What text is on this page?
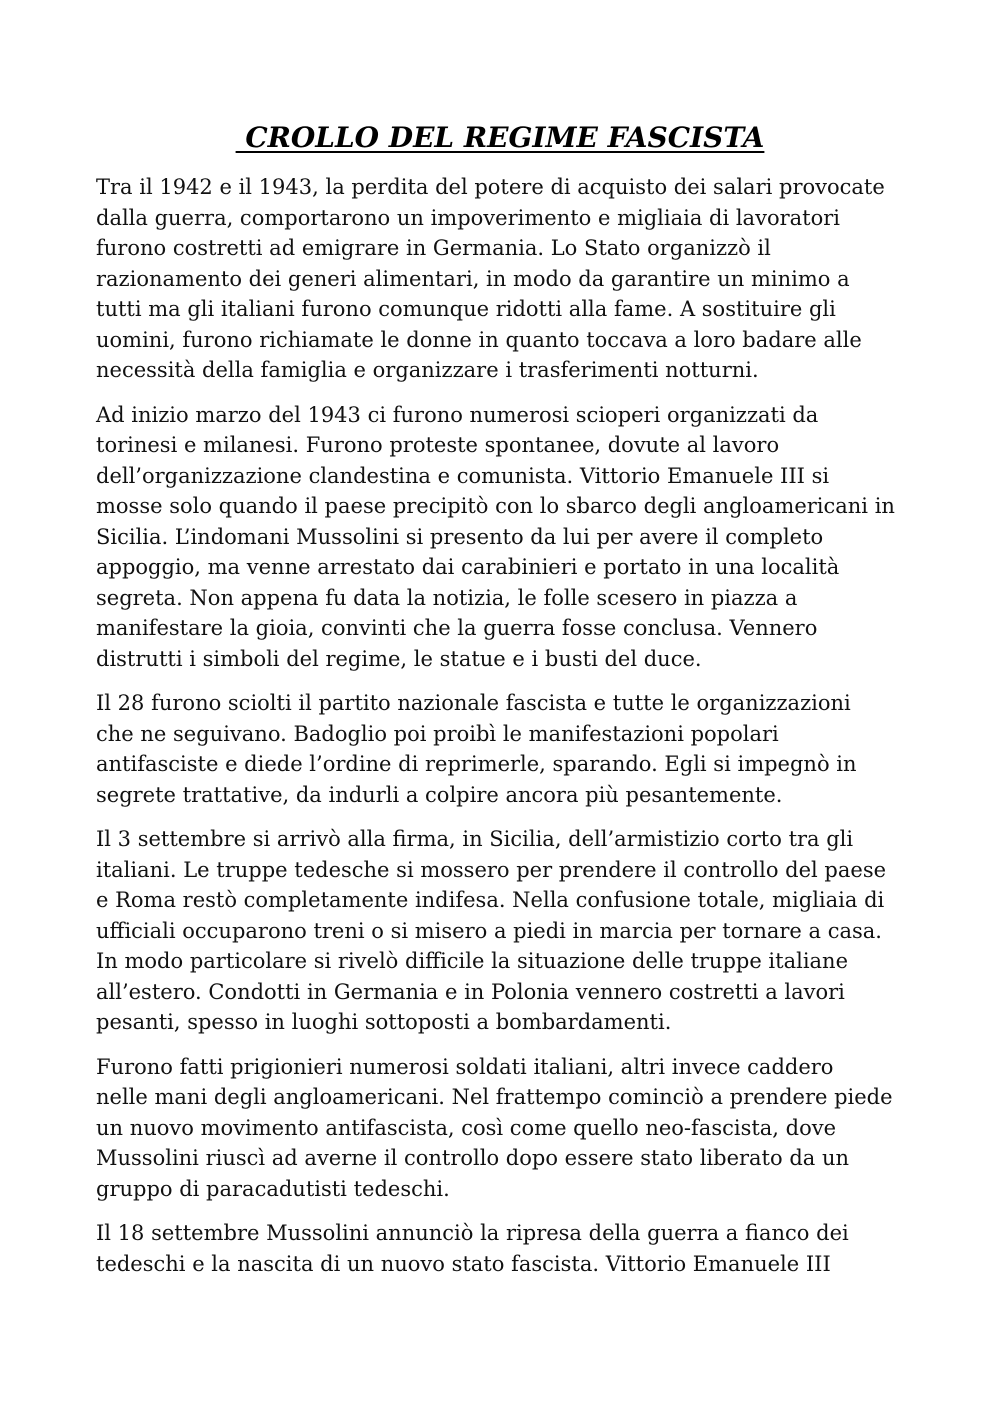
CROLLO DEL REGIME FASCISTA

Tra il 1942 e il 1943, la perdita del potere di acquisto dei salari provocate
dalla guerra, comportarono un impoverimento e migliaia di lavoratori
furono costretti ad emigrare in Germania. Lo Stato organizzò il
razionamento dei generi alimentari, in modo da garantire un minimo a
tutti ma gli italiani furono comunque ridotti alla fame. A sostituire gli
uomini, furono richiamate le donne in quanto toccava a loro badare alle
necessità della famiglia e organizzare i trasferimenti notturni.

Ad inizio marzo del 1943 ci furono numerosi scioperi organizzati da
torinesi e milanesi. Furono proteste spontanee, dovute al lavoro
dell’organizzazione clandestina e comunista. Vittorio Emanuele III si
mosse solo quando il paese precipitò con lo sbarco degli angloamericani in
Sicilia. L’indomani Mussolini si presento da lui per avere il completo
appoggio, ma venne arrestato dai carabinieri e portato in una località
segreta. Non appena fu data la notizia, le folle scesero in piazza a
manifestare la gioia, convinti che la guerra fosse conclusa. Vennero
distrutti i simboli del regime, le statue e i busti del duce.

Il 28 furono sciolti il partito nazionale fascista e tutte le organizzazioni
che ne seguivano. Badoglio poi proibì le manifestazioni popolari
antifasciste e diede l’ordine di reprimerle, sparando. Egli si impegnò in
segrete trattative, da indurli a colpire ancora più pesantemente.

Il 3 settembre si arrivò alla firma, in Sicilia, dell’armistizio corto tra gli
italiani. Le truppe tedesche si mossero per prendere il controllo del paese
e Roma restò completamente indifesa. Nella confusione totale, migliaia di
ufficiali occuparono treni o si misero a piedi in marcia per tornare a casa.
In modo particolare si rivelò difficile la situazione delle truppe italiane
all’estero. Condotti in Germania e in Polonia vennero costretti a lavori
pesanti, spesso in luoghi sottoposti a bombardamenti.

Furono fatti prigionieri numerosi soldati italiani, altri invece caddero
nelle mani degli angloamericani. Nel frattempo cominciò a prendere piede
un nuovo movimento antifascista, così come quello neo-fascista, dove
Mussolini riuscì ad averne il controllo dopo essere stato liberato da un
gruppo di paracadutisti tedeschi.

Il 18 settembre Mussolini annunciò la ripresa della guerra a fianco dei
tedeschi e la nascita di un nuovo stato fascista. Vittorio Emanuele III
